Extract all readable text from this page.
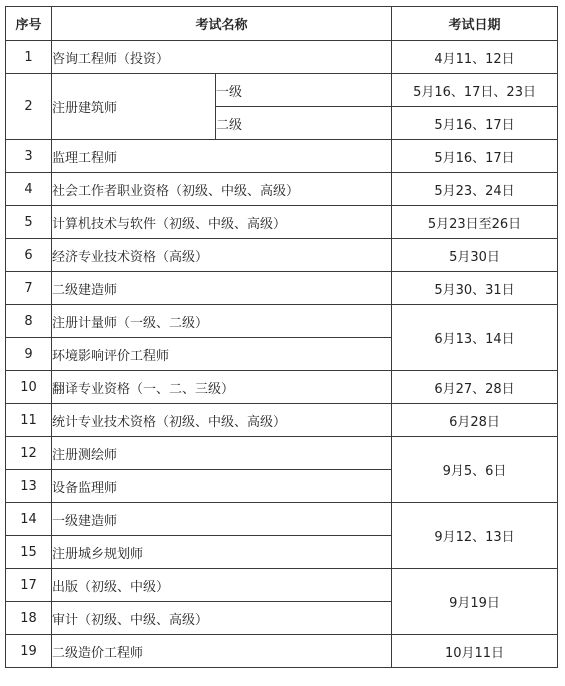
序号	考试名称		考试日期
1	咨询工程师（投资）		4月11、12日
2	注册建筑师	一级	5月16、17日、23日
		二级	5月16、17日
3	监理工程师		5月16、17日
4	社会工作者职业资格（初级、中级、高级）		5月23、24日
5	计算机技术与软件（初级、中级、高级）		5月23日至26日
6	经济专业技术资格（高级）		5月30日
7	二级建造师		5月30、31日
8	注册计量师（一级、二级）		6月13、14日
9	环境影响评价工程师		
10	翻译专业资格（一、二、三级）		6月27、28日
11	统计专业技术资格（初级、中级、高级）		6月28日
12	注册测绘师		9月5、6日
13	设备监理师		
14	一级建造师		9月12、13日
15	注册城乡规划师		
17	出版（初级、中级）		9月19日
18	审计（初级、中级、高级）		
19	二级造价工程师		10月11日
